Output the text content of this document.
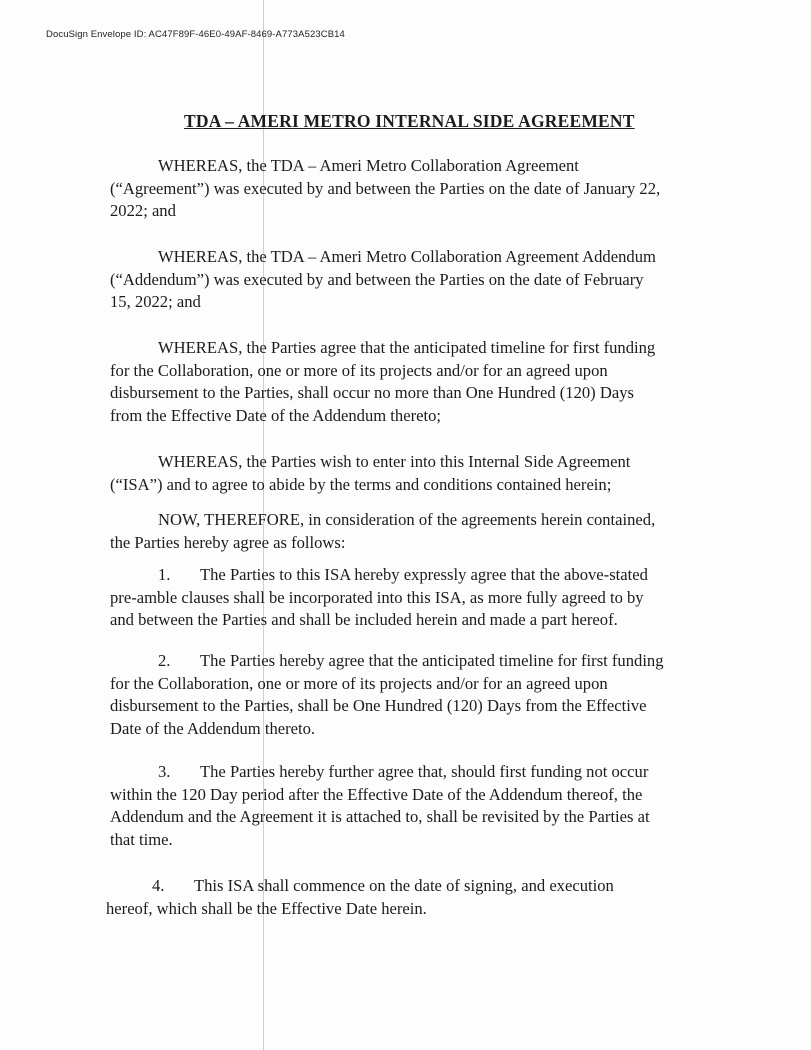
DocuSign Envelope ID: AC47F89F-46E0-49AF-8469-A773A523CB14
TDA – AMERI METRO INTERNAL SIDE AGREEMENT
WHEREAS, the TDA – Ameri Metro Collaboration Agreement
(“Agreement”) was executed by and between the Parties on the date of January 22,
2022; and
WHEREAS, the TDA – Ameri Metro Collaboration Agreement Addendum
(“Addendum”) was executed by and between the Parties on the date of February
15, 2022; and
WHEREAS, the Parties agree that the anticipated timeline for first funding
for the Collaboration, one or more of its projects and/or for an agreed upon
disbursement to the Parties, shall occur no more than One Hundred (120) Days
from the Effective Date of the Addendum thereto;
WHEREAS, the Parties wish to enter into this Internal Side Agreement
(“ISA”) and to agree to abide by the terms and conditions contained herein;
NOW, THEREFORE, in consideration of the agreements herein contained,
the Parties hereby agree as follows:
1. The Parties to this ISA hereby expressly agree that the above-stated
pre-amble clauses shall be incorporated into this ISA, as more fully agreed to by
and between the Parties and shall be included herein and made a part hereof.
2. The Parties hereby agree that the anticipated timeline for first funding
for the Collaboration, one or more of its projects and/or for an agreed upon
disbursement to the Parties, shall be One Hundred (120) Days from the Effective
Date of the Addendum thereto.
3. The Parties hereby further agree that, should first funding not occur
within the 120 Day period after the Effective Date of the Addendum thereof, the
Addendum and the Agreement it is attached to, shall be revisited by the Parties at
that time.
4. This ISA shall commence on the date of signing, and execution
hereof, which shall be the Effective Date herein.
